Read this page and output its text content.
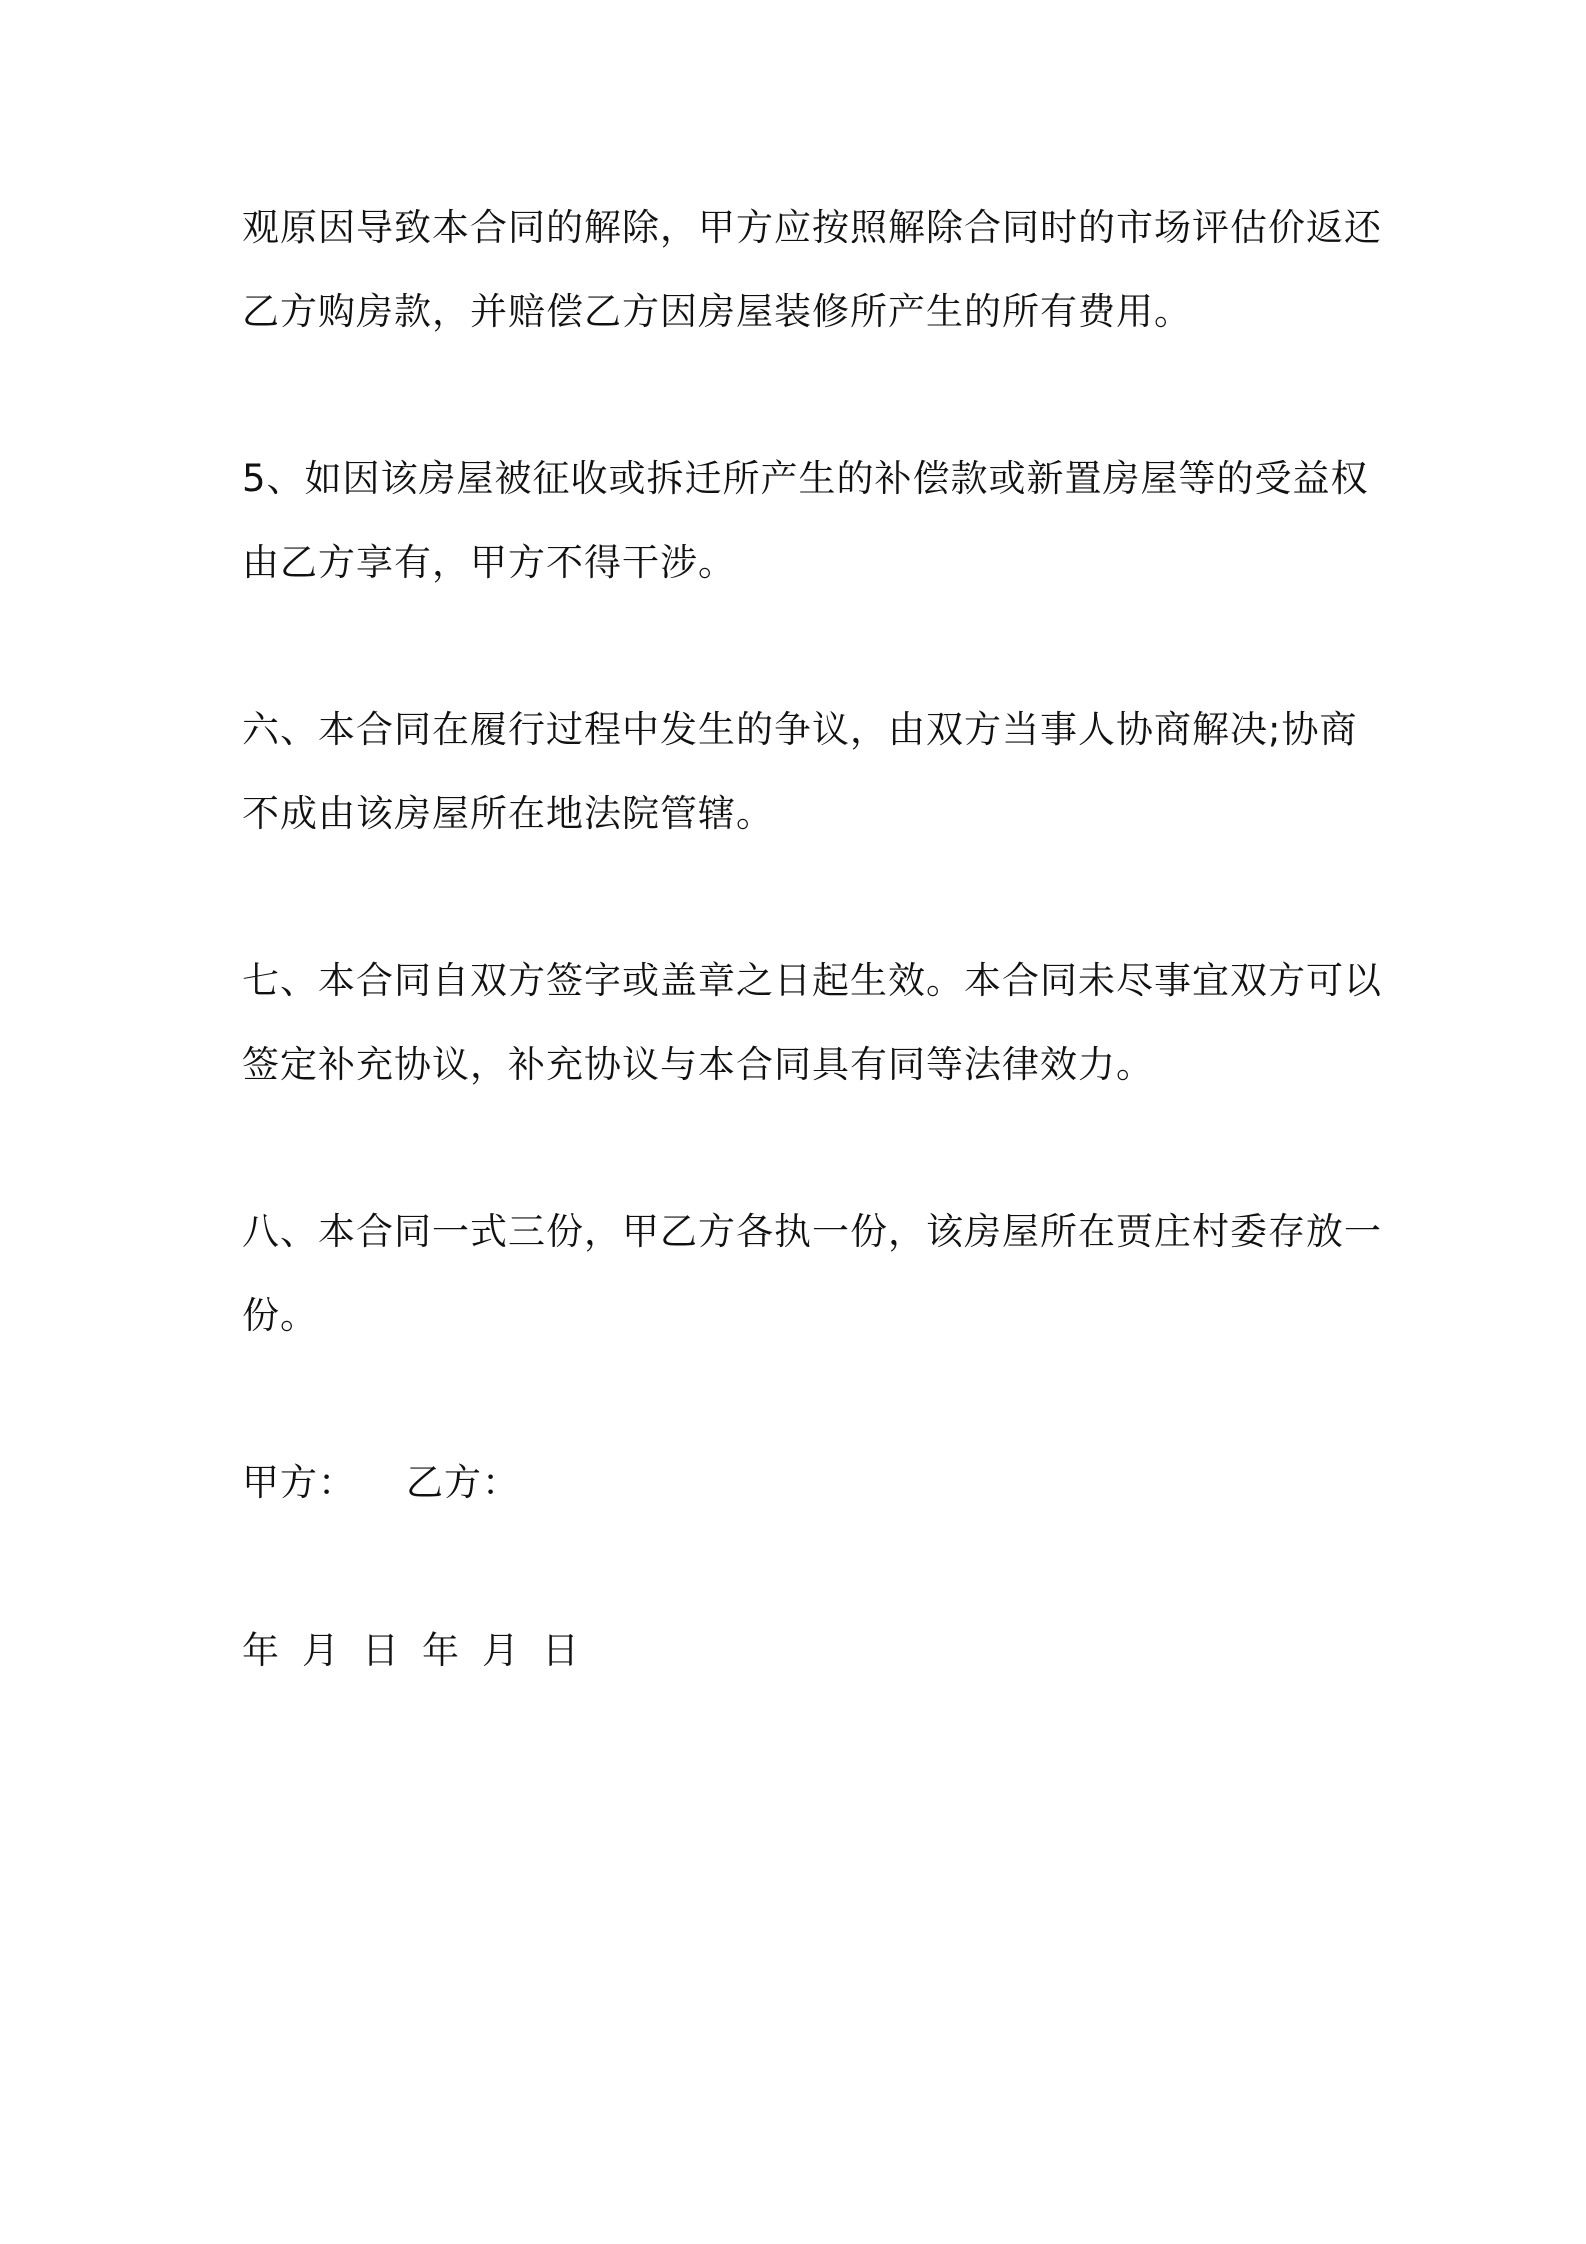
观原因导致本合同的解除，甲方应按照解除合同时的市场评估价返还
乙方购房款，并赔偿乙方因房屋装修所产生的所有费用。

5、如因该房屋被征收或拆迁所产生的补偿款或新置房屋等的受益权
由乙方享有，甲方不得干涉。

六、本合同在履行过程中发生的争议，由双方当事人协商解决;协商
不成由该房屋所在地法院管辖。

七、本合同自双方签字或盖章之日起生效。本合同未尽事宜双方可以
签定补充协议，补充协议与本合同具有同等法律效力。

八、本合同一式三份，甲乙方各执一份，该房屋所在贾庄村委存放一
份。

甲方： 乙方：

年 月 日 年 月 日
